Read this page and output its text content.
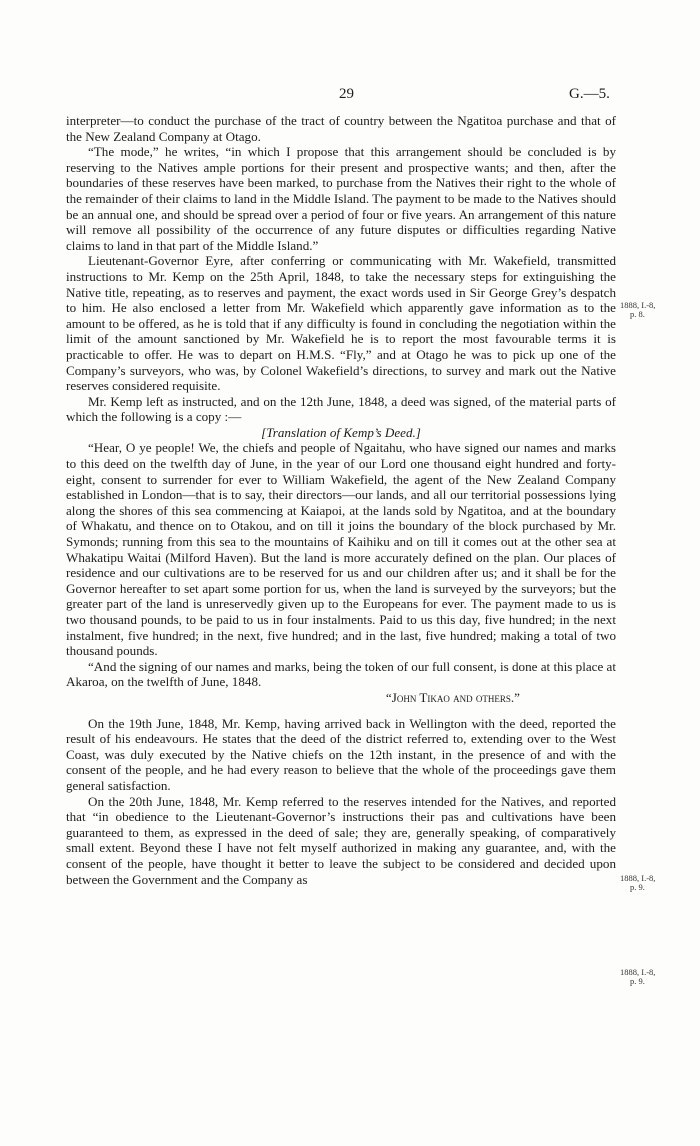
29	G.—5.

interpreter—to conduct the purchase of the tract of country between the Ngatitoa purchase and that of the New Zealand Company at Otago.

“The mode,” he writes, “in which I propose that this arrangement should be concluded is by reserving to the Natives ample portions for their present and prospective wants; and then, after the boundaries of these reserves have been marked, to purchase from the Natives their right to the whole of the remainder of their claims to land in the Middle Island. The payment to be made to the Natives should be an annual one, and should be spread over a period of four or five years. An arrangement of this nature will remove all possibility of the occurrence of any future disputes or difficulties regarding Native claims to land in that part of the Middle Island.”

Lieutenant-Governor Eyre, after conferring or communicating with Mr. Wakefield, transmitted instructions to Mr. Kemp on the 25th April, 1848, to take the necessary steps for extinguishing the Native title, repeating, as to reserves and payment, the exact words used in Sir George Grey’s despatch to him. He also enclosed a letter from Mr. Wakefield which apparently gave information as to the amount to be offered, as he is told that if any difficulty is found in concluding the negotiation within the limit of the amount sanctioned by Mr. Wakefield he is to report the most favourable terms it is practicable to offer. He was to depart on H.M.S. “Fly,” and at Otago he was to pick up one of the Company’s surveyors, who was, by Colonel Wakefield’s directions, to survey and mark out the Native reserves considered requisite.

Mr. Kemp left as instructed, and on the 12th June, 1848, a deed was signed, of the material parts of which the following is a copy :—

[Translation of Kemp’s Deed.]

“Hear, O ye people! We, the chiefs and people of Ngaitahu, who have signed our names and marks to this deed on the twelfth day of June, in the year of our Lord one thousand eight hundred and forty-eight, consent to surrender for ever to William Wakefield, the agent of the New Zealand Company established in London—that is to say, their directors—our lands, and all our territorial possessions lying along the shores of this sea commencing at Kaiapoi, at the lands sold by Ngatitoa, and at the boundary of Whakatu, and thence on to Otakou, and on till it joins the boundary of the block purchased by Mr. Symonds; running from this sea to the mountains of Kaihiku and on till it comes out at the other sea at Whakatipu Waitai (Milford Haven). But the land is more accurately defined on the plan. Our places of residence and our cultivations are to be reserved for us and our children after us; and it shall be for the Governor hereafter to set apart some portion for us, when the land is surveyed by the surveyors; but the greater part of the land is unreservedly given up to the Europeans for ever. The payment made to us is two thousand pounds, to be paid to us in four instalments. Paid to us this day, five hundred; in the next instalment, five hundred; in the next, five hundred; and in the last, five hundred; making a total of two thousand pounds.

“And the signing of our names and marks, being the token of our full consent, is done at this place at Akaroa, on the twelfth of June, 1848.

“John Tikao and others.”

On the 19th June, 1848, Mr. Kemp, having arrived back in Wellington with the deed, reported the result of his endeavours. He states that the deed of the district referred to, extending over to the West Coast, was duly executed by the Native chiefs on the 12th instant, in the presence of and with the consent of the people, and he had every reason to believe that the whole of the proceedings gave them general satisfaction.

On the 20th June, 1848, Mr. Kemp referred to the reserves intended for the Natives, and reported that “in obedience to the Lieutenant-Governor’s instructions their pas and cultivations have been guaranteed to them, as expressed in the deed of sale; they are, generally speaking, of comparatively small extent. Beyond these I have not felt myself authorized in making any guarantee, and, with the consent of the people, have thought it better to leave the subject to be considered and decided upon between the Government and the Company as

1888, I.-8,
p. 8.
1888, I.-8,
p. 9.
1888, I.-8,
p. 9.
